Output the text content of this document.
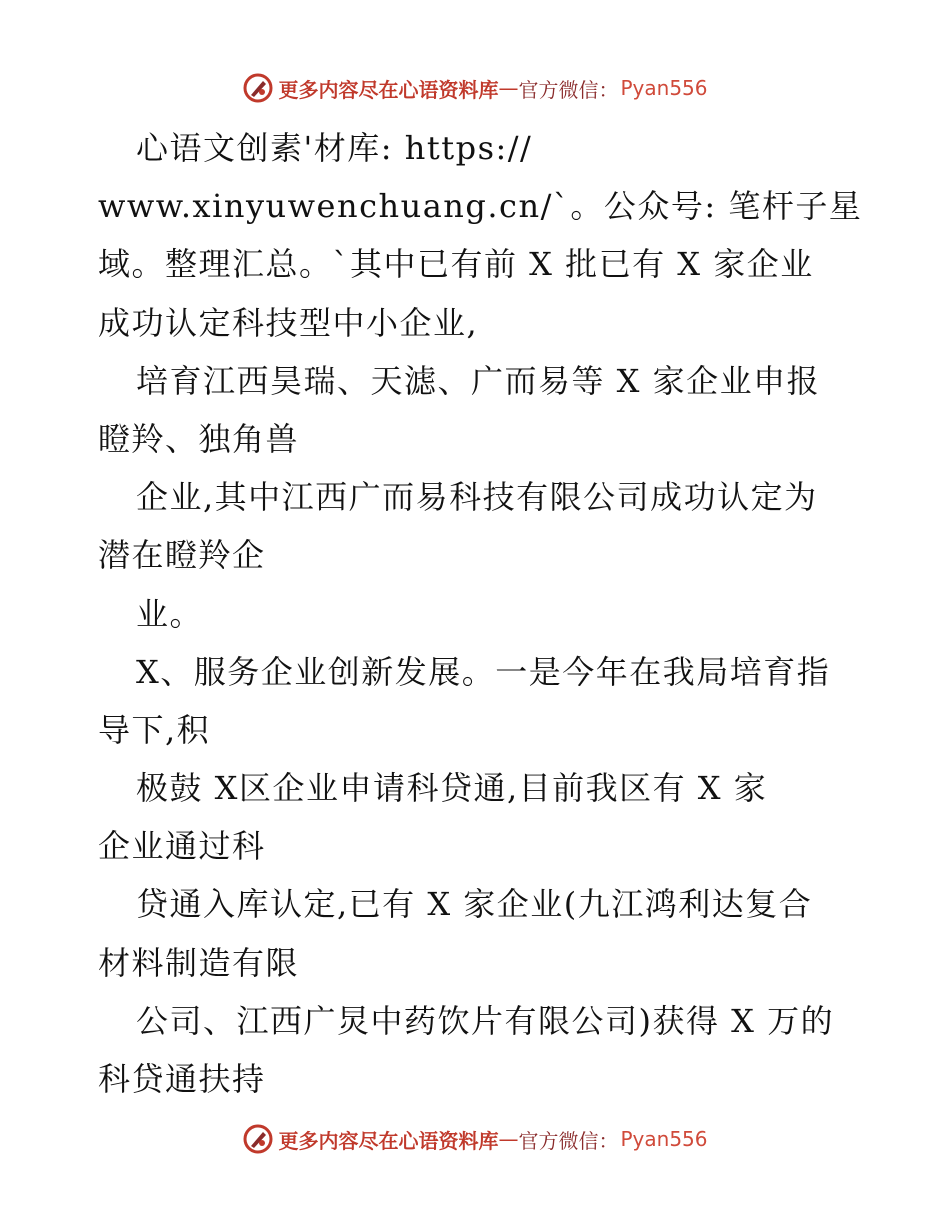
更多内容尽在心语资料库 — 官方微信： Pyan556
心语文创素'材库: https://
www.xinyuwenchuang.cn/`。公众号: 笔杆子星
域。整理汇总。`其中已有前 X 批已有 X 家企业
成功认定科技型中小企业,
培育江西昊瑞、天滤、广而易等 X 家企业申报
瞪羚、独角兽
企业,其中江西广而易科技有限公司成功认定为
潜在瞪羚企
业。
X、服务企业创新发展。一是今年在我局培育指
导下,积
极鼓 X区企业申请科贷通,目前我区有 X 家
企业通过科
贷通入库认定,已有 X 家企业(九江鸿利达复合
材料制造有限
公司、江西广炅中药饮片有限公司)获得 X 万的
科贷通扶持
更多内容尽在心语资料库 — 官方微信： Pyan556
